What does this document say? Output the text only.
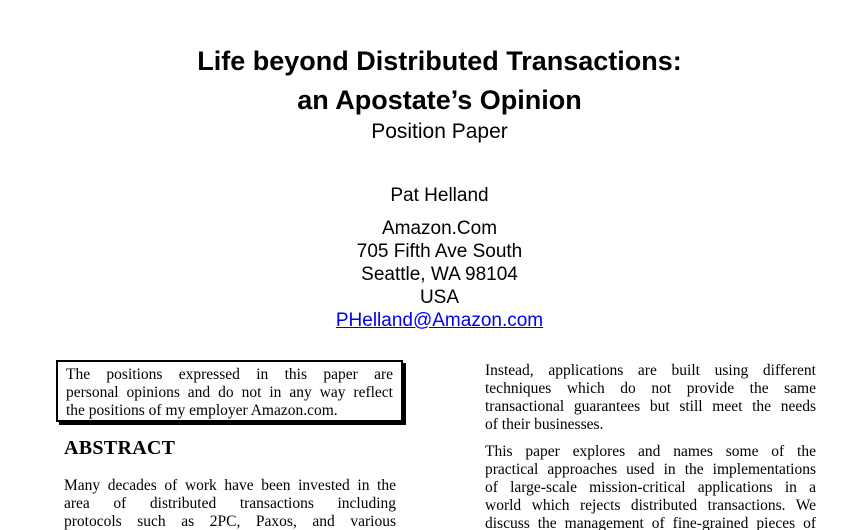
Life beyond Distributed Transactions:
an Apostate’s Opinion
Position Paper
Pat Helland
Amazon.Com
705 Fifth Ave South
Seattle, WA 98104
USA
PHelland@Amazon.com
The positions expressed in this paper are
personal opinions and do not in any way reflect
the positions of my employer Amazon.com.
ABSTRACT
Many decades of work have been invested in the
area of distributed transactions including
protocols such as 2PC, Paxos, and various
Instead, applications are built using different
techniques which do not provide the same
transactional guarantees but still meet the needs
of their businesses.
This paper explores and names some of the
practical approaches used in the implementations
of large-scale mission-critical applications in a
world which rejects distributed transactions. We
discuss the management of fine-grained pieces of
